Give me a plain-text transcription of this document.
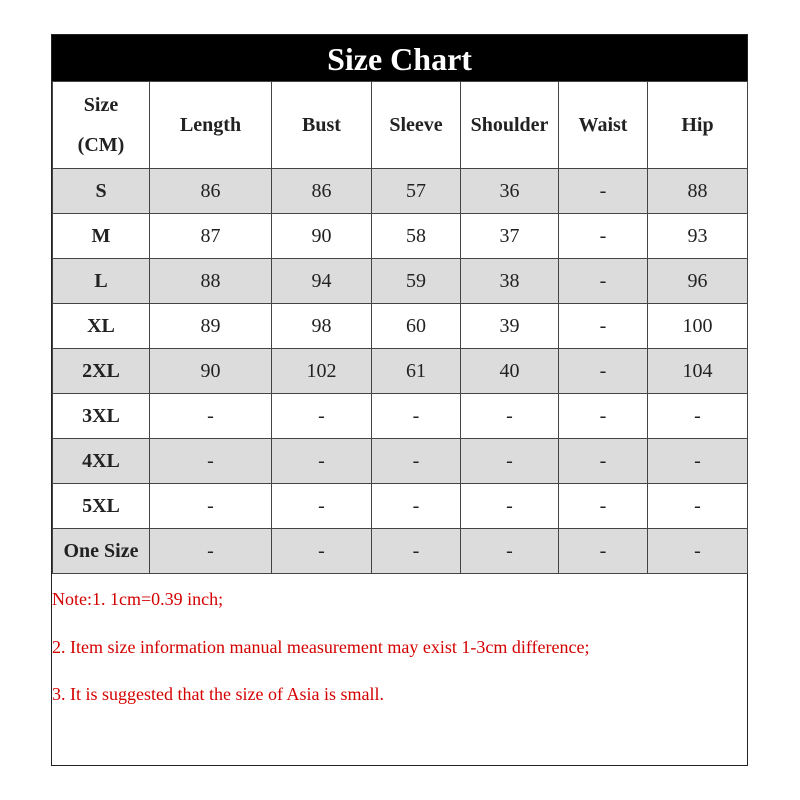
Size Chart
Size
(CM)	Length	Bust	Sleeve	Shoulder	Waist	Hip
S	86	86	57	36	-	88
M	87	90	58	37	-	93
L	88	94	59	38	-	96
XL	89	98	60	39	-	100
2XL	90	102	61	40	-	104
3XL	-	-	-	-	-	-
4XL	-	-	-	-	-	-
5XL	-	-	-	-	-	-
One Size	-	-	-	-	-	-
Note:1. 1cm=0.39 inch;
2. Item size information manual measurement may exist 1-3cm difference;
3. It is suggested that the size of Asia is small.
